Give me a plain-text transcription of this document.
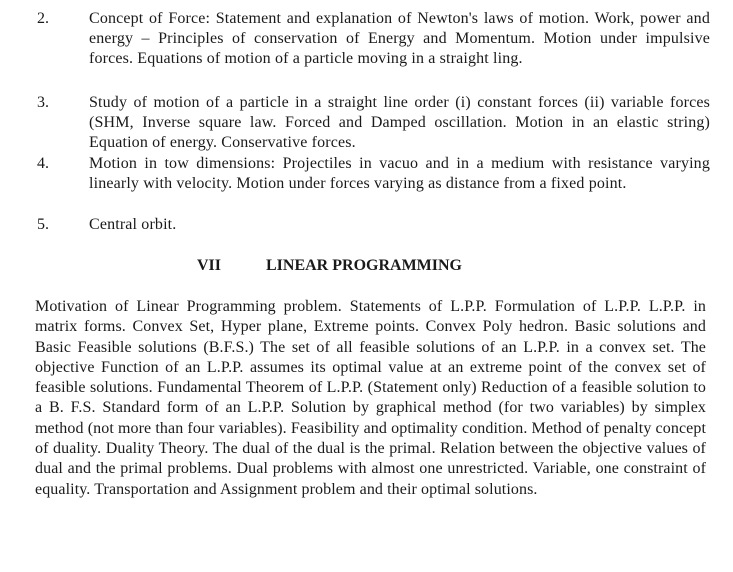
2.	Concept of Force: Statement and explanation of Newton's laws of motion. Work, power and energy – Principles of conservation of Energy and Momentum. Motion under impulsive forces. Equations of motion of a particle moving in a straight ling.
3.	Study of motion of a particle in a straight line order (i) constant forces (ii) variable forces (SHM, Inverse square law. Forced and Damped oscillation. Motion in an elastic string) Equation of energy. Conservative forces.
4.	Motion in tow dimensions: Projectiles in vacuo and in a medium with resistance varying linearly with velocity. Motion under forces varying as distance from a fixed point.
5.	Central orbit.
VII	LINEAR PROGRAMMING
Motivation of Linear Programming problem. Statements of L.P.P. Formulation of L.P.P. L.P.P. in matrix forms. Convex Set, Hyper plane, Extreme points. Convex Poly hedron. Basic solutions and Basic Feasible solutions (B.F.S.) The set of all feasible solutions of an L.P.P. in a convex set. The objective Function of an L.P.P. assumes its optimal value at an extreme point of the convex set of feasible solutions. Fundamental Theorem of L.P.P. (Statement only) Reduction of a feasible solution to a B. F.S. Standard form of an L.P.P. Solution by graphical method (for two variables) by simplex method (not more than four variables). Feasibility and optimality condition. Method of penalty concept of duality. Duality Theory. The dual of the dual is the primal. Relation between the objective values of dual and the primal problems. Dual problems with almost one unrestricted. Variable, one constraint of equality. Transportation and Assignment problem and their optimal solutions.
